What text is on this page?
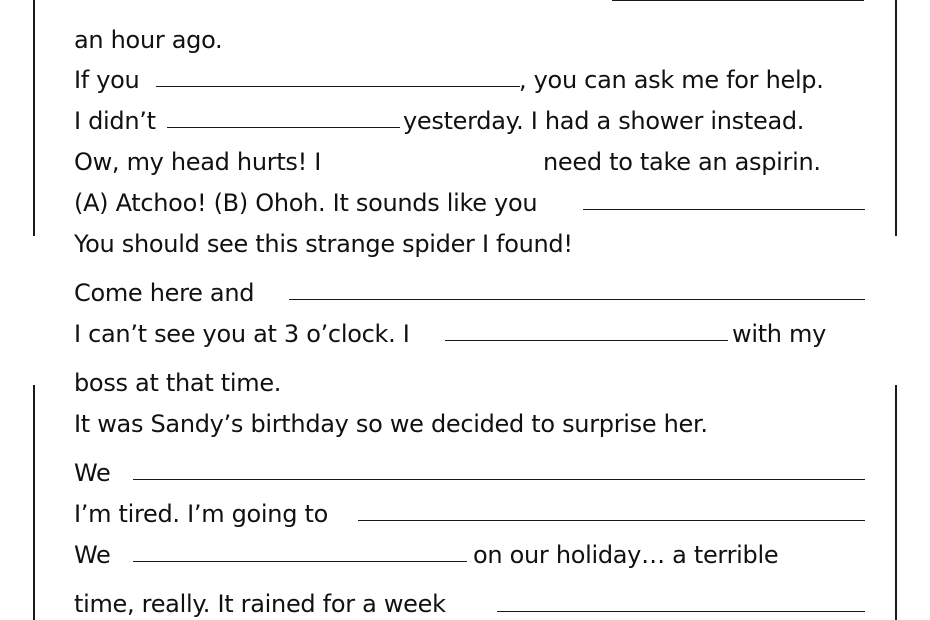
an hour ago.
If you	, you can ask me for help.
I didn’t	yesterday. I had a shower instead.
Ow, my head hurts! I	need to take an aspirin.
(A) Atchoo! (B) Ohoh. It sounds like you
You should see this strange spider I found!
Come here and
I can’t see you at 3 o’clock. I	with my
boss at that time.
It was Sandy’s birthday so we decided to surprise her.
We
I’m tired. I’m going to
We	on our holiday… a terrible
time, really. It rained for a week
